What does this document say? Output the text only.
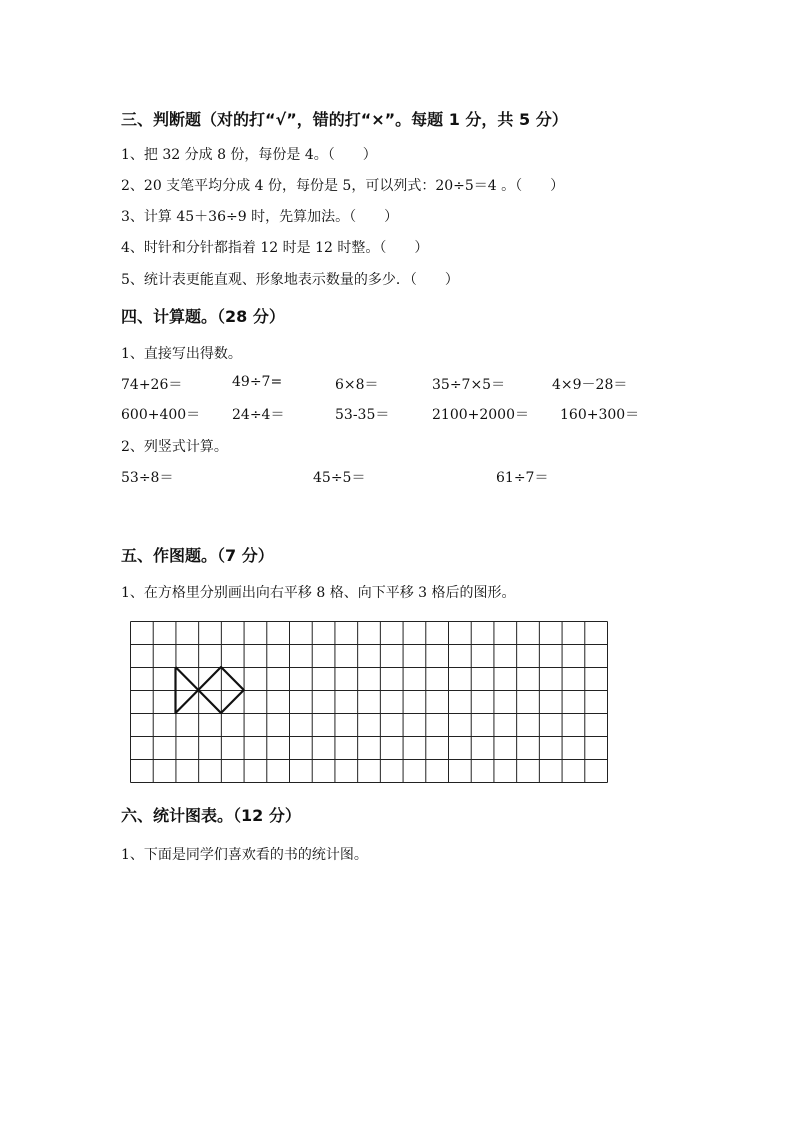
三、判断题（对的打“√”，错的打“×”。每题 1 分，共 5 分）
1、把 32 分成 8 份，每份是 4。（　　）
2、20 支笔平均分成 4 份，每份是 5，可以列式：20÷5＝4 。（　　）
3、计算 45＋36÷9 时，先算加法。（　　）
4、时针和分针都指着 12 时是 12 时整。（　　）
5、统计表更能直观、形象地表示数量的多少．（　　）
四、计算题。（28 分）
1、直接写出得数。
74+26＝	49÷7=	6×8＝	35÷7×5＝	4×9－28＝
600+400＝ 24÷4＝	53-35＝	2100+2000＝ 160+300＝
2、列竖式计算。
53÷8＝	45÷5＝	61÷7＝
五、作图题。（7 分）
1、在方格里分别画出向右平移 8 格、向下平移 3 格后的图形。
六、统计图表。（12 分）
1、下面是同学们喜欢看的书的统计图。
